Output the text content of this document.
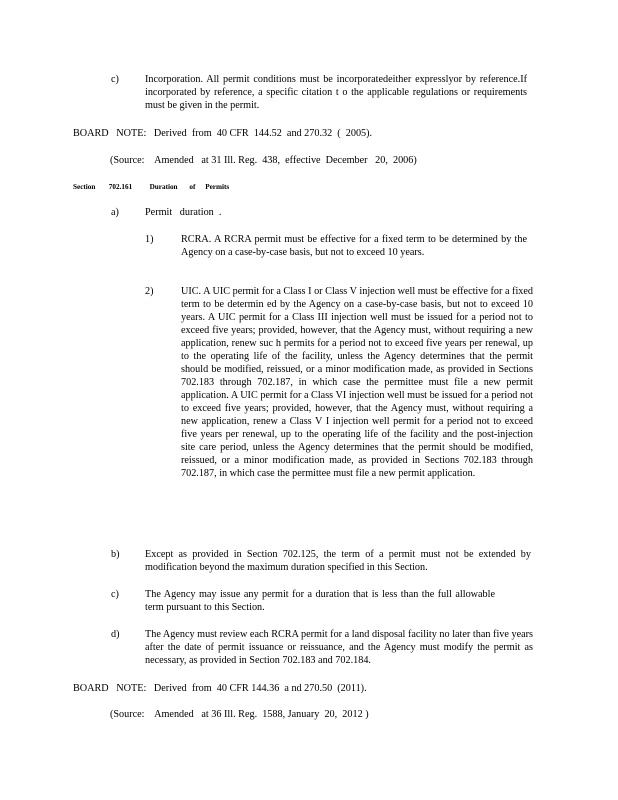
c)	Incorporation. All permit conditions must be incorporatedeither expresslyor by reference.If incorporated by reference, a specific citation t o the applicable regulations or requirements must be given in the permit.
BOARD   NOTE:   Derived  from  40 CFR  144.52  and 270.32  (  2005).
(Source:    Amended   at 31 Ill. Reg.  438,  effective  December   20,  2006)
Section 702.161 Duration of Permits
a)	Permit   duration  .
1)	RCRA. A RCRA permit must be effective for a fixed term to be determined by the Agency on a case-by-case basis, but not to exceed 10 years.
2)	UIC. A UIC permit for a Class I or Class V injection well must be effective for a fixed term to be determin ed by the Agency on a case-by-case basis, but not to exceed 10 years. A UIC permit for a Class III injection well must be issued for a period not to exceed five years; provided, however, that the Agency must, without requiring a new application, renew suc h permits for a period not to exceed five years per renewal, up to the operating life of the facility, unless the Agency determines that the permit should be modified, reissued, or a minor modification made, as provided in Sections 702.183 through 702.187, in which case the permittee must file a new permit application. A UIC permit for a Class VI injection well must be issued for a period not to exceed five years; provided, however, that the Agency must, without requiring a new application, renew a Class V I injection well permit for a period not to exceed five years per renewal, up to the operating life of the facility and the post-injection site care period, unless the Agency determines that the permit should be modified, reissued, or a minor modification made, as provided in Sections 702.183 through 702.187, in which case the permittee must file a new permit application.
b)	Except as provided in Section 702.125, the term of a permit must not be extended by modification beyond the maximum duration specified in this Section.
c)	The Agency may issue any permit for a duration that is less than the full allowable term pursuant to this Section.
d)	The Agency must review each RCRA permit for a land disposal facility no later than five years after the date of permit issuance or reissuance, and the Agency must modify the permit as necessary, as provided in Section 702.183 and 702.184.
BOARD   NOTE:   Derived  from  40 CFR 144.36  a nd 270.50  (2011).
(Source:    Amended   at 36 Ill. Reg.  1588, January  20,  2012 )
